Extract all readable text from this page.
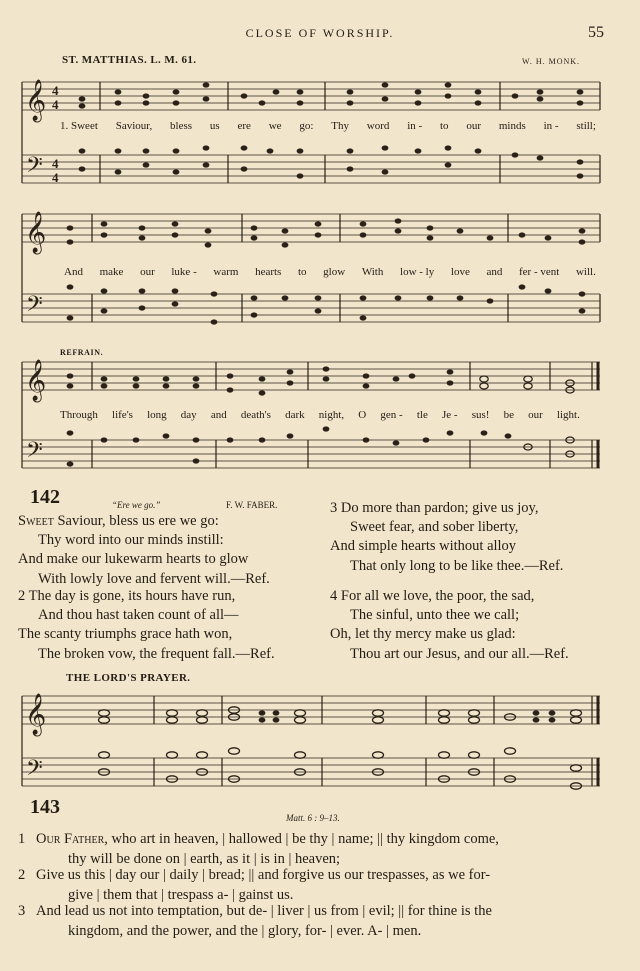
CLOSE OF WORSHIP.	55
ST. MATTHIAS. L. M. 61.	W. H. MONK.
𝄞
𝄢
4
4
4
4
1. Sweet Saviour, bless us ere we go: Thy word in - to our minds in - still;
𝄞
𝄢
And make our luke - warm hearts to glow With low - ly love and fer - vent will.
REFRAIN.
𝄞
𝄢
Through life's long day and death's dark night, O gen - tle Je - sus! be our light.
142	“Ere we go.”	F. W. FABER.
Sweet Saviour, bless us ere we go:
Thy word into our minds instill:
And make our lukewarm hearts to glow
With lowly love and fervent will.—Ref.
2 The day is gone, its hours have run,
And thou hast taken count of all—
The scanty triumphs grace hath won,
The broken vow, the frequent fall.—Ref.
3 Do more than pardon; give us joy,
Sweet fear, and sober liberty,
And simple hearts without alloy
That only long to be like thee.—Ref.
4 For all we love, the poor, the sad,
The sinful, unto thee we call;
Oh, let thy mercy make us glad:
Thou art our Jesus, and our all.—Ref.
THE LORD'S PRAYER.
𝄞
𝄢
143	Matt. 6 : 9–13.
1 Our Father, who art in heaven, | hallowed | be thy | name; || thy kingdom come,
thy will be done on | earth, as it | is in | heaven;
2 Give us this | day our | daily | bread; || and forgive us our trespasses, as we for-
give | them that | trespass a- | gainst us.
3 And lead us not into temptation, but de- | liver | us from | evil; || for thine is the
kingdom, and the power, and the | glory, for- | ever. A- | men.
